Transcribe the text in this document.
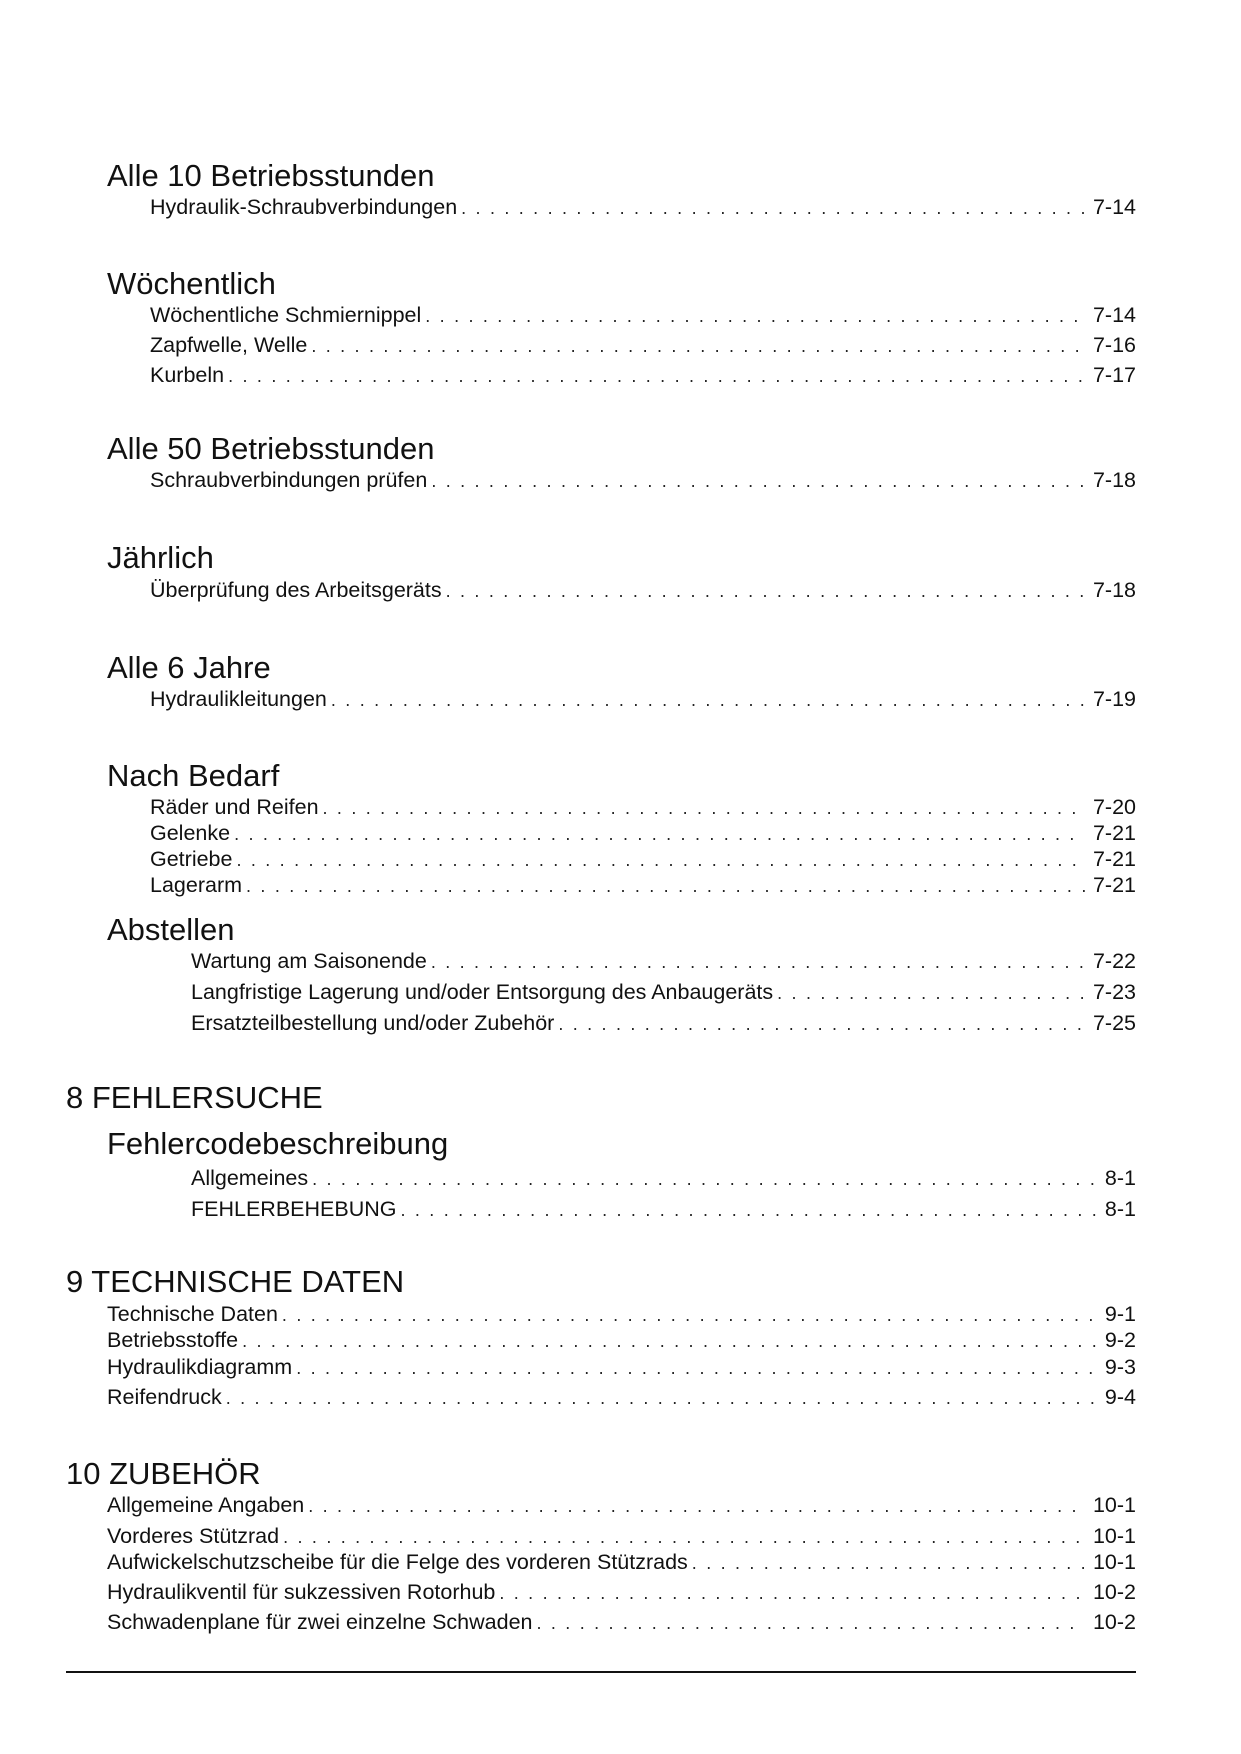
Alle 10 Betriebsstunden
Hydraulik-Schraubverbindungen . . .	7-14
Wöchentlich
Wöchentliche Schmiernippel . . .	7-14
Zapfwelle, Welle . . .	7-16
Kurbeln . . .	7-17
Alle 50 Betriebsstunden
Schraubverbindungen prüfen . . .	7-18
Jährlich
Überprüfung des Arbeitsgeräts . . .	7-18
Alle 6 Jahre
Hydraulikleitungen . . .	7-19
Nach Bedarf
Räder und Reifen . . .	7-20
Gelenke . . .	7-21
Getriebe . . .	7-21
Lagerarm . . .	7-21
Abstellen
Wartung am Saisonende . . .	7-22
Langfristige Lagerung und/oder Entsorgung des Anbaugeräts . . .	7-23
Ersatzteilbestellung und/oder Zubehör . . .	7-25
8 FEHLERSUCHE
Fehlercodebeschreibung
Allgemeines . . .	8-1
FEHLERBEHEBUNG . . .	8-1
9 TECHNISCHE DATEN
Technische Daten . . .	9-1
Betriebsstoffe . . .	9-2
Hydraulikdiagramm . . .	9-3
Reifendruck . . .	9-4
10 ZUBEHÖR
Allgemeine Angaben . . .	10-1
Vorderes Stützrad . . .	10-1
Aufwickelschutzscheibe für die Felge des vorderen Stützrads . . .	10-1
Hydraulikventil für sukzessiven Rotorhub . . .	10-2
Schwadenplane für zwei einzelne Schwaden . . .	10-2
